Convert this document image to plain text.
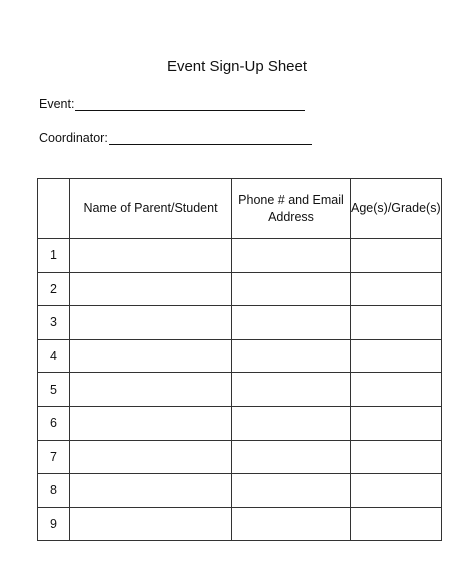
Event Sign-Up Sheet
Event:
Coordinator:
	Name of Parent/Student	Phone # and Email Address	Age(s)/Grade(s)
1			
2			
3			
4			
5			
6			
7			
8			
9			
